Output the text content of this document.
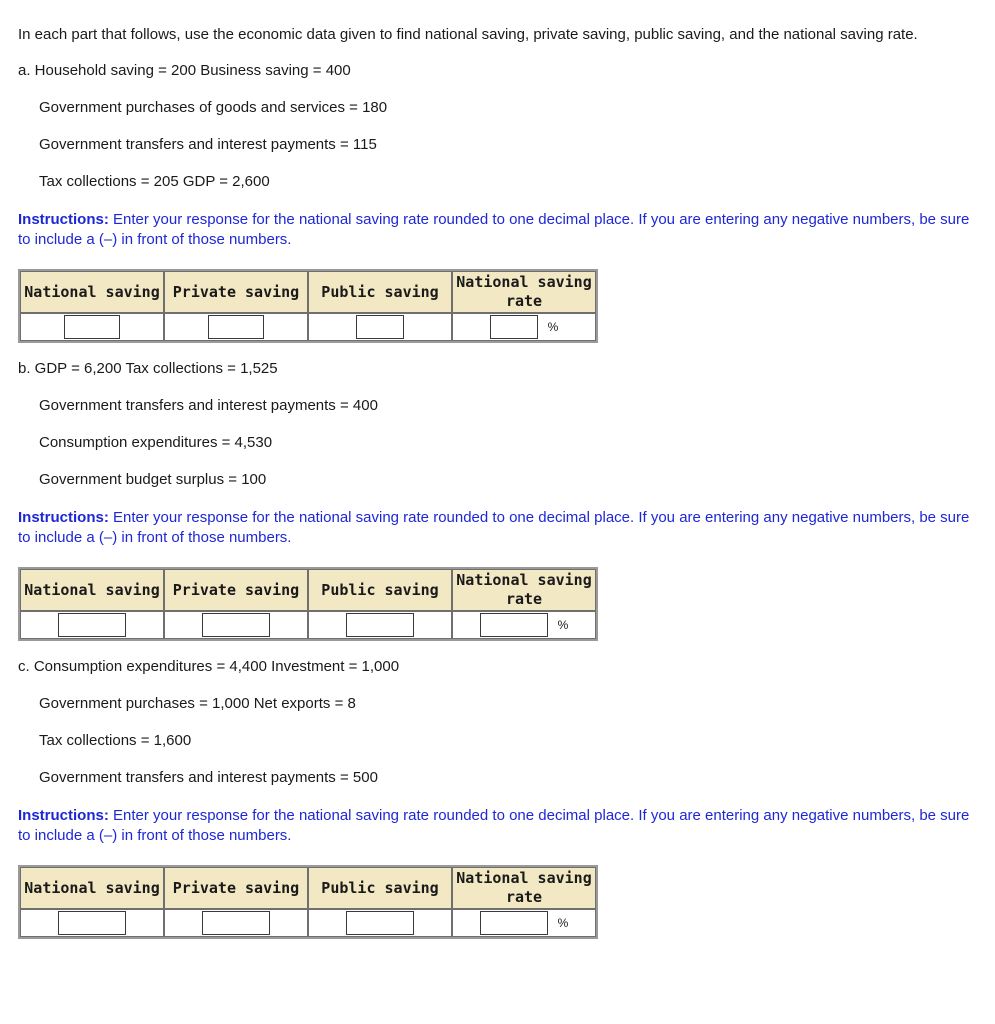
In each part that follows, use the economic data given to find national saving, private saving, public saving, and the national saving rate.

a. Household saving = 200 Business saving = 400

Government purchases of goods and services = 180

Government transfers and interest payments = 115

Tax collections = 205 GDP = 2,600

Instructions: Enter your response for the national saving rate rounded to one decimal place. If you are entering any negative numbers, be sure to include a (–) in front of those numbers.

National saving	Private saving	Public saving	National saving rate
			%

b. GDP = 6,200 Tax collections = 1,525

Government transfers and interest payments = 400

Consumption expenditures = 4,530

Government budget surplus = 100

Instructions: Enter your response for the national saving rate rounded to one decimal place. If you are entering any negative numbers, be sure to include a (–) in front of those numbers.

National saving	Private saving	Public saving	National saving rate
			%

c. Consumption expenditures = 4,400 Investment = 1,000

Government purchases = 1,000 Net exports = 8

Tax collections = 1,600

Government transfers and interest payments = 500

Instructions: Enter your response for the national saving rate rounded to one decimal place. If you are entering any negative numbers, be sure to include a (–) in front of those numbers.

National saving	Private saving	Public saving	National saving rate
			%
